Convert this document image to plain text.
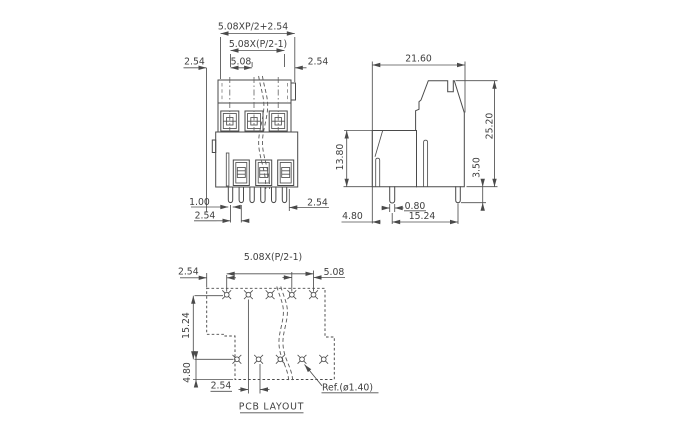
5.08XP/2+2.54
5.08X(P/2-1)
2.54	5.08	2.54
1.00
2.54
2.54
21.60
25.20
13.80	3.50
0.80
15.24
4.80
5.08X(P/2-1)
2.54	5.08
15.24
4.80
2.54	Ref.(ø1.40)
PCB LAYOUT
